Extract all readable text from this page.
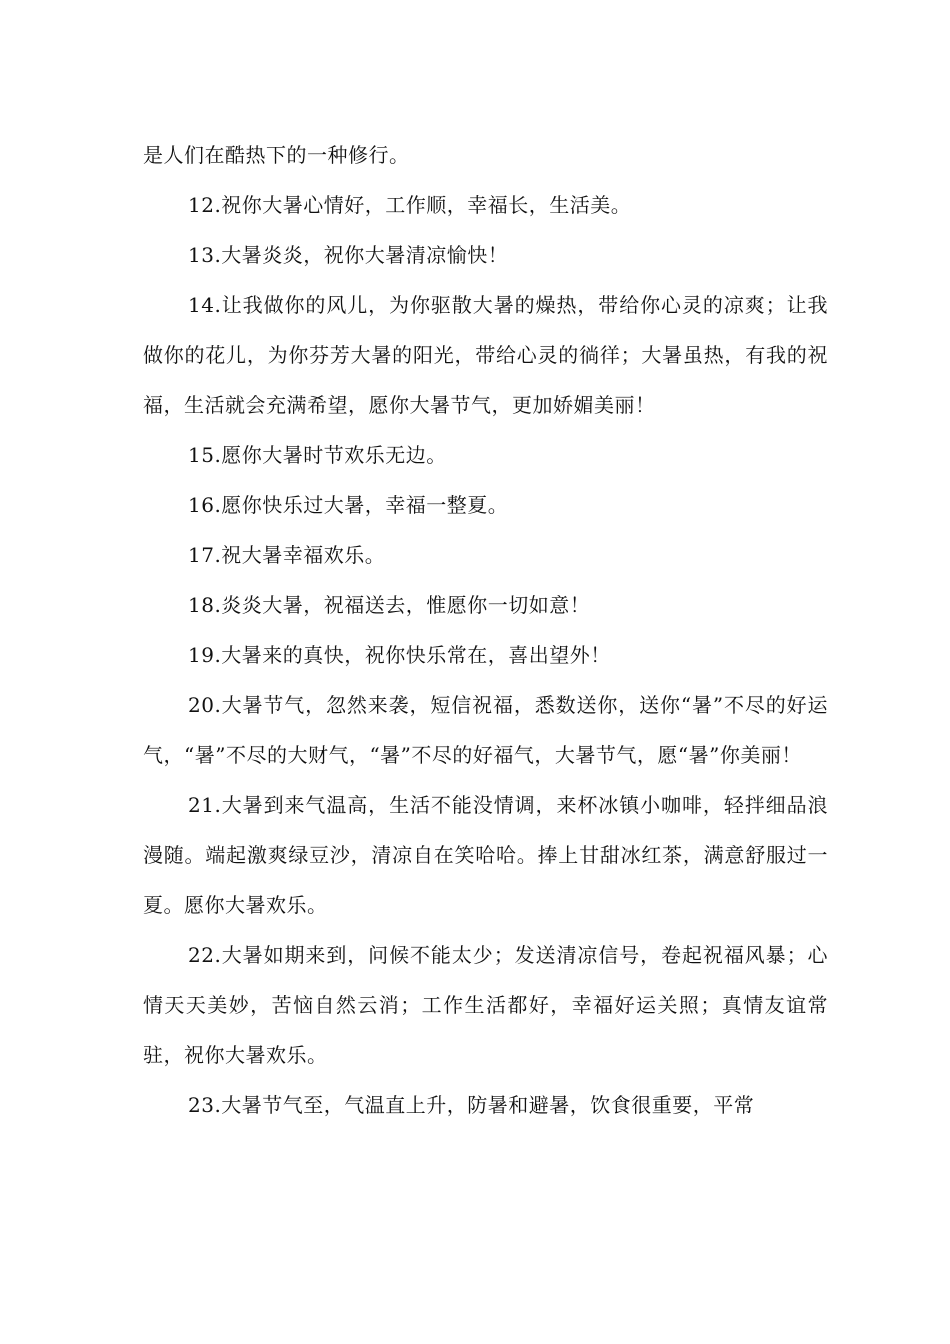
是人们在酷热下的一种修行。

12.祝你大暑心情好，工作顺，幸福长，生活美。

13.大暑炎炎，祝你大暑清凉愉快！

14.让我做你的风儿，为你驱散大暑的燥热，带给你心灵的凉爽；让我做你的花儿，为你芬芳大暑的阳光，带给心灵的徜徉；大暑虽热，有我的祝福，生活就会充满希望，愿你大暑节气，更加娇媚美丽！

15.愿你大暑时节欢乐无边。

16.愿你快乐过大暑，幸福一整夏。

17.祝大暑幸福欢乐。

18.炎炎大暑，祝福送去，惟愿你一切如意！

19.大暑来的真快，祝你快乐常在，喜出望外！

20.大暑节气，忽然来袭，短信祝福，悉数送你，送你“暑”不尽的好运气，“暑”不尽的大财气，“暑”不尽的好福气，大暑节气，愿“暑”你美丽！

21.大暑到来气温高，生活不能没情调，来杯冰镇小咖啡，轻拌细品浪漫随。端起激爽绿豆沙，清凉自在笑哈哈。捧上甘甜冰红茶，满意舒服过一夏。愿你大暑欢乐。

22.大暑如期来到，问候不能太少；发送清凉信号，卷起祝福风暴；心情天天美妙，苦恼自然云消；工作生活都好，幸福好运关照；真情友谊常驻，祝你大暑欢乐。

23.大暑节气至，气温直上升，防暑和避暑，饮食很重要，平常
